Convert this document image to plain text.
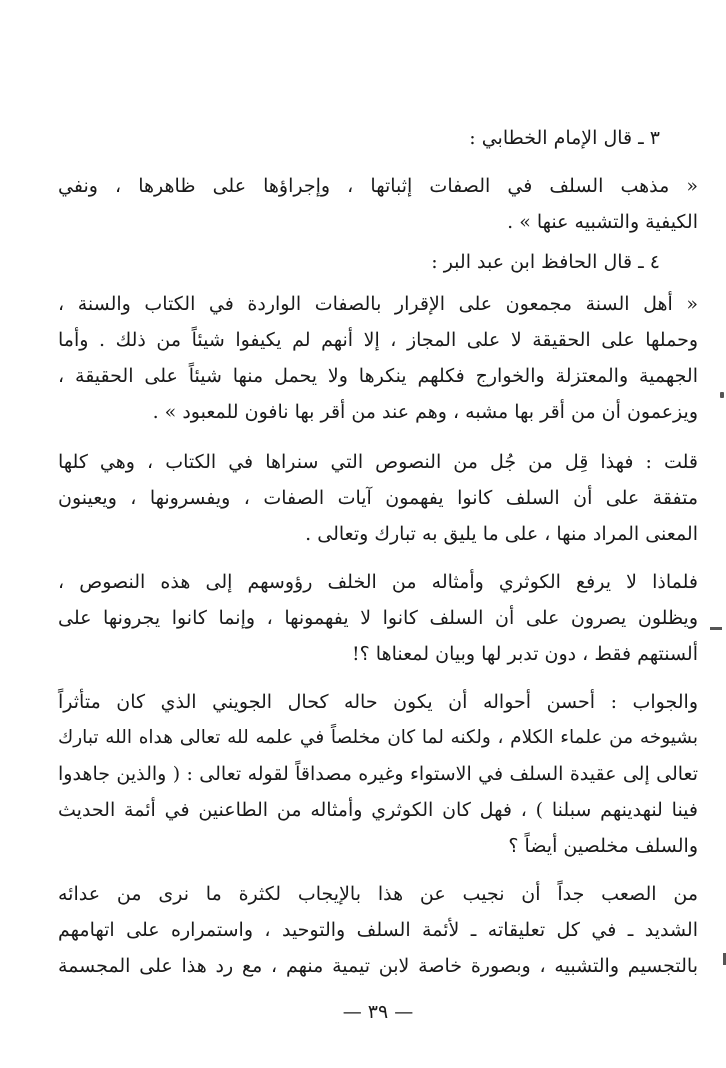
٣ ـ قال الإمام الخطابي :
« مذهب السلف في الصفات إثباتها ، وإجراؤها على ظاهرها ، ونفي
الكيفية والتشبيه عنها » .
٤ ـ قال الحافظ ابن عبد البر :
« أهل السنة مجمعون على الإقرار بالصفات الواردة في الكتاب والسنة ،
وحملها على الحقيقة لا على المجاز ، إلا أنهم لم يكيفوا شيئاً من ذلك . وأما
الجهمية والمعتزلة والخوارج فكلهم ينكرها ولا يحمل منها شيئاً على الحقيقة ،
ويزعمون أن من أقر بها مشبه ، وهم عند من أقر بها نافون للمعبود » .
قلت : فهذا قِل من جُل من النصوص التي سنراها في الكتاب ، وهي كلها
متفقة على أن السلف كانوا يفهمون آيات الصفات ، ويفسرونها ، ويعينون
المعنى المراد منها ، على ما يليق به تبارك وتعالى .
فلماذا لا يرفع الكوثري وأمثاله من الخلف رؤوسهم إلى هذه النصوص ،
ويظلون يصرون على أن السلف كانوا لا يفهمونها ، وإنما كانوا يجرونها على
ألسنتهم فقط ، دون تدبر لها وبيان لمعناها ؟!
والجواب : أحسن أحواله أن يكون حاله كحال الجويني الذي كان متأثراً
بشيوخه من علماء الكلام ، ولكنه لما كان مخلصاً في علمه لله تعالى هداه الله تبارك
تعالى إلى عقيدة السلف في الاستواء وغيره مصداقاً لقوله تعالى : ( والذين جاهدوا
فينا لنهدينهم سبلنا ) ، فهل كان الكوثري وأمثاله من الطاعنين في أئمة الحديث
والسلف مخلصين أيضاً ؟
من الصعب جداً أن نجيب عن هذا بالإيجاب لكثرة ما نرى من عدائه
الشديد ـ في كل تعليقاته ـ لأئمة السلف والتوحيد ، واستمراره على اتهامهم
بالتجسيم والتشبيه ، وبصورة خاصة لابن تيمية منهم ، مع رد هذا على المجسمة
— ٣٩ —
